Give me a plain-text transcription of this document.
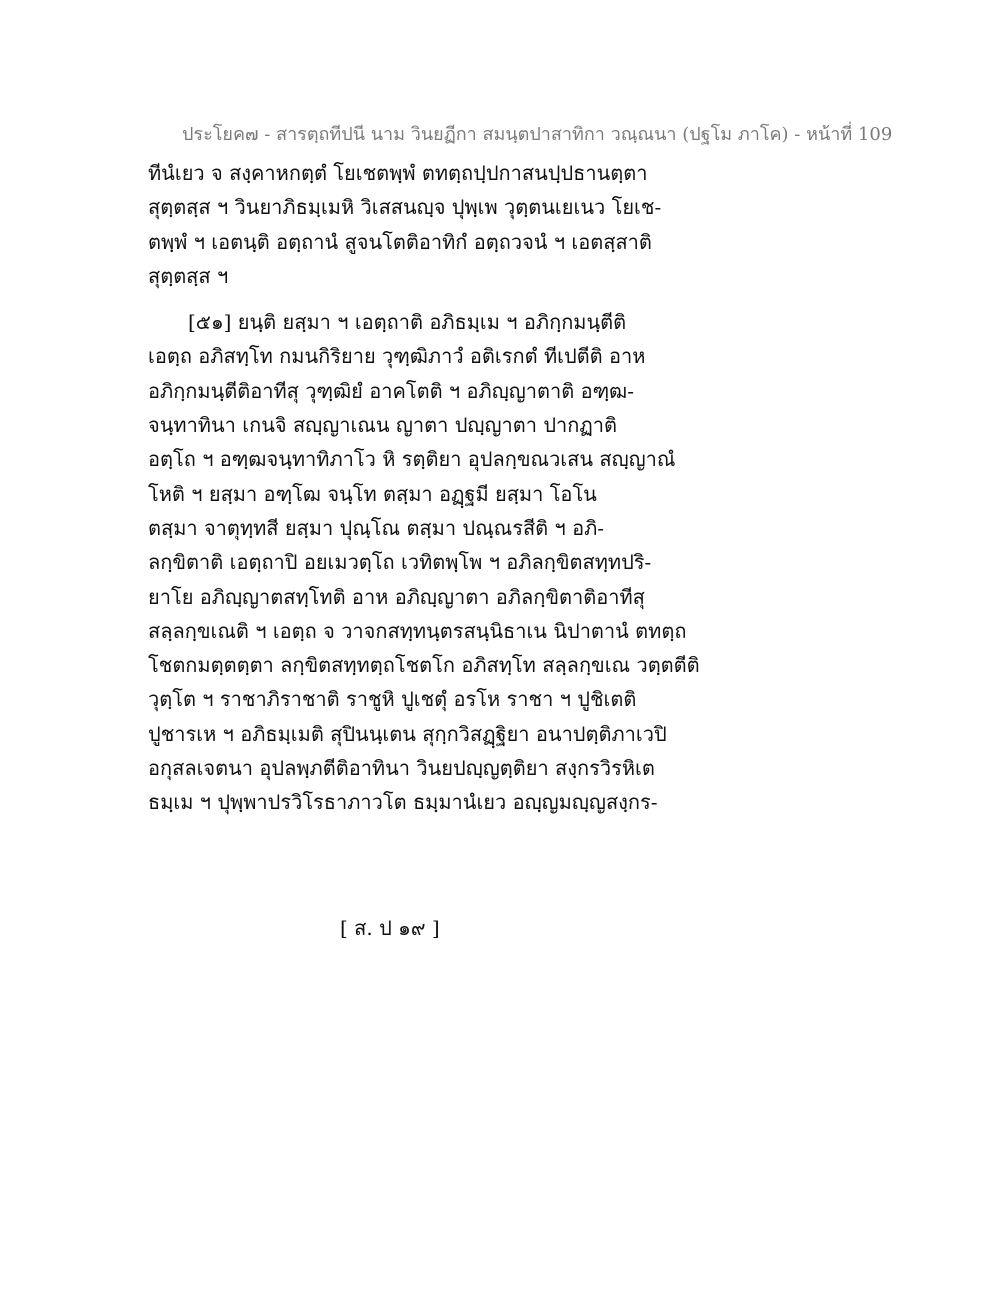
ประโยค๗ - สารตฺถทีปนี นาม วินยฏีกา สมนฺตปาสาทิกา วณฺณนา (ปฐโม ภาโค) - หน้าที่ 109
ทีนํเยว จ สงฺคาหกตฺตํ โยเชตพฺพํ ตทตฺถปฺปกาสนปฺปธานตฺตา
สุตฺตสฺส ฯ วินยาภิธมฺเมหิ วิเสสนญฺจ ปุพฺเพ วุตฺตนเยเนว โยเช-
ตพฺพํ ฯ เอตนฺติ อตฺถานํ สูจนโตติอาทิกํ อตฺถวจนํ ฯ เอตสฺสาติ
สุตฺตสฺส ฯ
[๕๑] ยนฺติ ยสฺมา ฯ เอตฺถาติ อภิธมฺเม ฯ อภิกฺกมนฺตีติ
เอตฺถ อภิสทฺโท กมนกิริยาย วุฑฺฒิภาวํ อติเรกตํ ทีเปตีติ อาห
อภิกฺกมนฺตีติอาทีสุ วุฑฺฒิยํ อาคโตติ ฯ อภิญฺญาตาติ อฑฺฒ-
จนฺทาทินา เกนจิ สญฺญาเณน ญาตา ปญฺญาตา ปากฏาติ
อตฺโถ ฯ อฑฺฒจนฺทาทิภาโว หิ รตฺติยา อุปลกฺขณวเสน สญฺญาณํ
โหติ ฯ ยสฺมา อฑฺโฒ จนฺโท ตสฺมา อฏฺฐมี ยสฺมา โอโน
ตสฺมา จาตุทฺทสี ยสฺมา ปุณฺโณ ตสฺมา ปณฺณรสีติ ฯ อภิ-
ลกฺขิตาติ เอตฺถาปิ อยเมวตฺโถ เวทิตพฺโพ ฯ อภิลกฺขิตสทฺทปริ-
ยาโย อภิญฺญาตสทฺโทติ อาห อภิญฺญาตา อภิลกฺขิตาติอาทีสุ
สลฺลกฺขเณติ ฯ เอตฺถ จ วาจกสทฺทนฺตรสนฺนิธาเน นิปาตานํ ตทตฺถ
โชตกมตฺตตฺตา ลกฺขิตสทฺทตฺถโชตโก อภิสทฺโท สลฺลกฺขเณ วตฺตตีติ
วุตฺโต ฯ ราชาภิราชาติ ราชูหิ ปูเชตุํ อรโห ราชา ฯ ปูชิเตติ
ปูชารเห ฯ อภิธมฺเมติ สุปินนฺเตน สุกฺกวิสฏฺฐิยา อนาปตฺติภาเวปิ
อกุสลเจตนา อุปลพฺภตีติอาทินา วินยปญฺญตฺติยา สงฺกรวิรหิเต
ธมฺเม ฯ ปุพฺพาปรวิโรธาภาวโต ธมฺมานํเยว อญฺญมญฺญสงฺกร-
[ ส. ป ๑๙ ]
